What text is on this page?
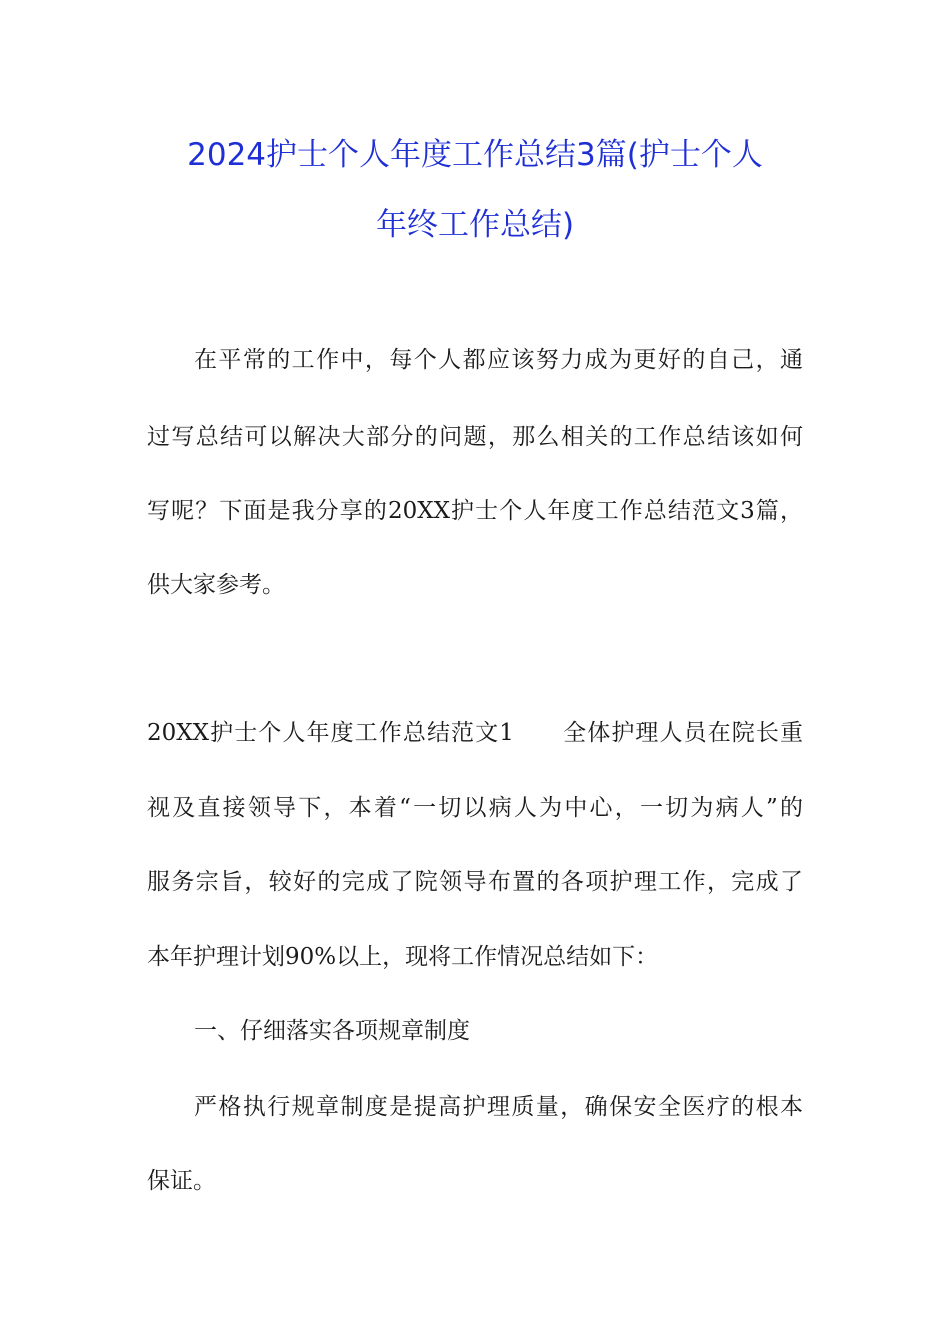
2024护士个人年度工作总结3篇(护士个人
年终工作总结)
在平常的工作中，每个人都应该努力成为更好的自己，通
过写总结可以解决大部分的问题，那么相关的工作总结该如何
写呢？下面是我分享的20XX护士个人年度工作总结范文3篇，
供大家参考。
20XX护士个人年度工作总结范文1　　全体护理人员在院长重
视及直接领导下，本着“一切以病人为中心，一切为病人”的
服务宗旨，较好的完成了院领导布置的各项护理工作，完成了
本年护理计划90%以上，现将工作情况总结如下：
一、仔细落实各项规章制度
严格执行规章制度是提高护理质量，确保安全医疗的根本
保证。
